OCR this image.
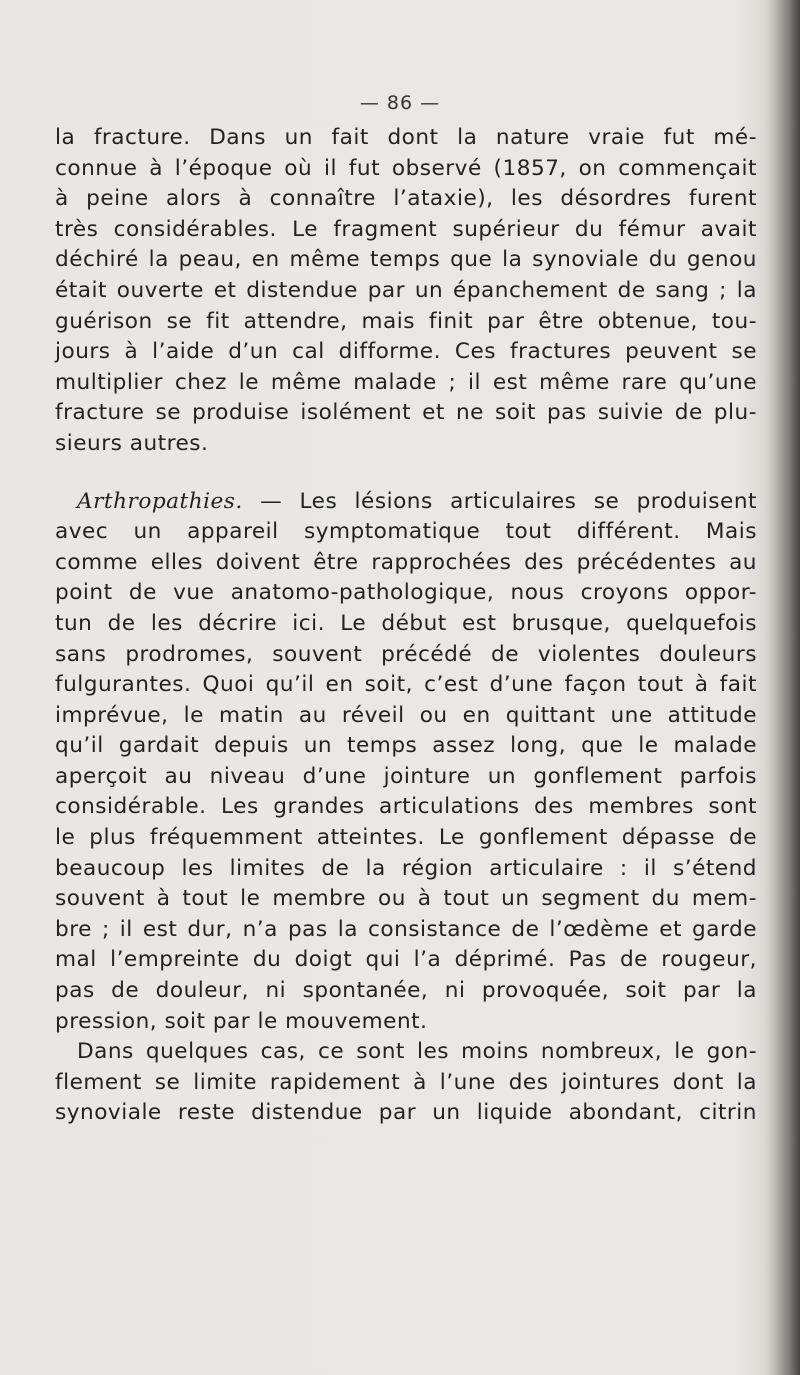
— 86 —
la fracture. Dans un fait dont la nature vraie fut mé-
connue à l’époque où il fut observé (1857, on commençait
à peine alors à connaître l’ataxie), les désordres furent
très considérables. Le fragment supérieur du fémur avait
déchiré la peau, en même temps que la synoviale du genou
était ouverte et distendue par un épanchement de sang ; la
guérison se fit attendre, mais finit par être obtenue, tou-
jours à l’aide d’un cal difforme. Ces fractures peuvent se
multiplier chez le même malade ; il est même rare qu’une
fracture se produise isolément et ne soit pas suivie de plu-
sieurs autres.
Arthropathies. — Les lésions articulaires se produisent
avec un appareil symptomatique tout différent. Mais
comme elles doivent être rapprochées des précédentes au
point de vue anatomo-pathologique, nous croyons oppor-
tun de les décrire ici. Le début est brusque, quelquefois
sans prodromes, souvent précédé de violentes douleurs
fulgurantes. Quoi qu’il en soit, c’est d’une façon tout à fait
imprévue, le matin au réveil ou en quittant une attitude
qu’il gardait depuis un temps assez long, que le malade
aperçoit au niveau d’une jointure un gonflement parfois
considérable. Les grandes articulations des membres sont
le plus fréquemment atteintes. Le gonflement dépasse de
beaucoup les limites de la région articulaire : il s’étend
souvent à tout le membre ou à tout un segment du mem-
bre ; il est dur, n’a pas la consistance de l’œdème et garde
mal l’empreinte du doigt qui l’a déprimé. Pas de rougeur,
pas de douleur, ni spontanée, ni provoquée, soit par la
pression, soit par le mouvement.
Dans quelques cas, ce sont les moins nombreux, le gon-
flement se limite rapidement à l’une des jointures dont la
synoviale reste distendue par un liquide abondant, citrin
